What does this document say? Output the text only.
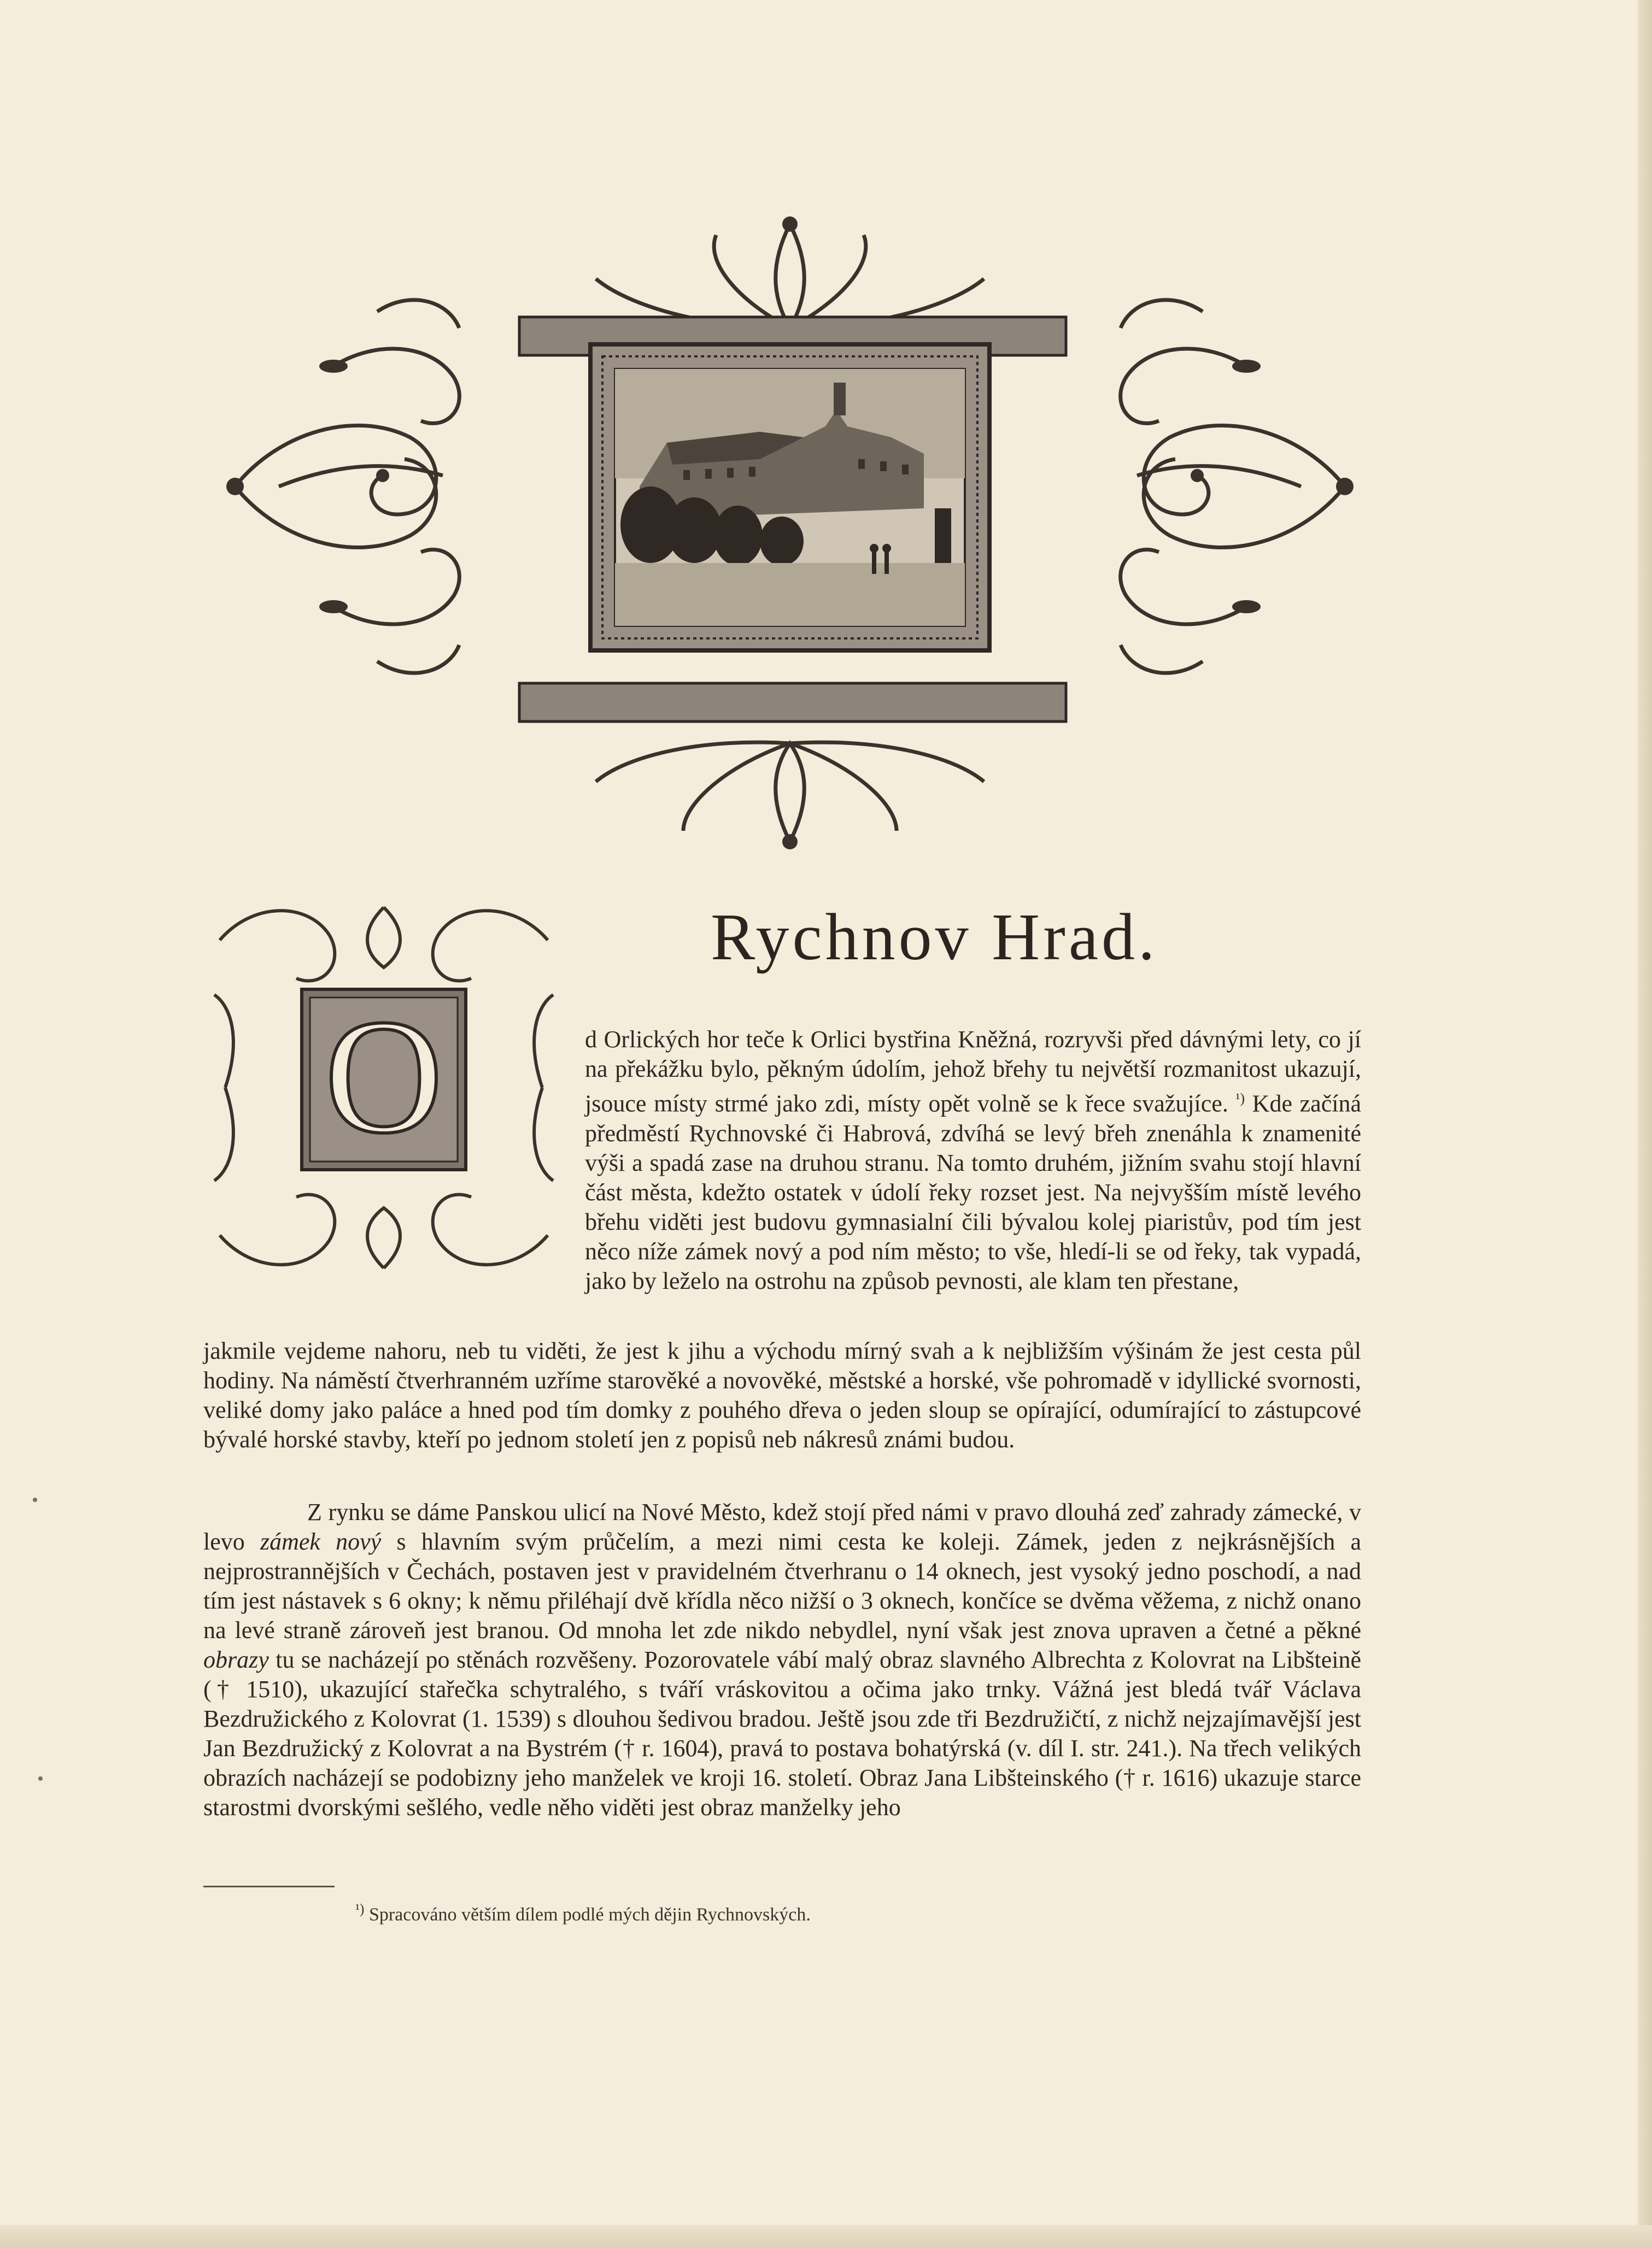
O
Rychnov Hrad.
d Orlických hor teče k Orlici bystřina Kněžná, rozryvši před dávnými lety, co jí na překážku bylo, pěkným údolím, jehož břehy tu největší rozmanitost ukazují, jsouce místy strmé jako zdi, místy opět volně se k řece svažujíce. $^{^1)}$ Kde začíná předměstí Rychnovské či Habrová, zdvíhá se levý břeh znenáhla k znamenité výši a spadá zase na druhou stranu. Na tomto druhém, jižním svahu stojí hlavní část města, kdežto ostatek v údolí řeky rozset jest. Na nejvyšším místě levého břehu viděti jest budovu gymnasialní čili bývalou kolej piaristův, pod tím jest něco níže zámek nový a pod ním město; to vše, hledí-li se od řeky, tak vypadá, jako by leželo na ostrohu na způsob pevnosti, ale klam ten přestane,
jakmile vejdeme nahoru, neb tu viděti, že jest k jihu a východu mírný svah a k nejbližším výšinám že jest cesta půl hodiny. Na náměstí čtverhranném uzříme starověké a novověké, městské a horské, vše pohromadě v idyllické svornosti, veliké domy jako paláce a hned pod tím domky z pouhého dřeva o jeden sloup se opírající, odumírající to zástupcové bývalé horské stavby, kteří po jednom století jen z popisů neb nákresů známi budou.
Z rynku se dáme Panskou ulicí na Nové Město, kdež stojí před námi v pravo dlouhá zeď zahrady zámecké, v levo zámek nový s hlavním svým průčelím, a mezi nimi cesta ke koleji. Zámek, jeden z nejkrásnějších a nejprostrannějších v Čechách, postaven jest v pravidelném čtverhranu o 14 oknech, jest vysoký jedno poschodí, a nad tím jest nástavek s 6 okny; k němu přiléhají dvě křídla něco nižší o 3 oknech, končíce se dvěma věžema, z nichž onano na levé straně zároveň jest branou. Od mnoha let zde nikdo nebydlel, nyní však jest znova upraven a četné a pěkné obrazy tu se nacházejí po stěnách rozvěšeny. Pozorovatele vábí malý obraz slavného Albrechta z Kolovrat na Libšteině († 1510), ukazující stařečka schytralého, s tváří vráskovitou a očima jako trnky. Vážná jest bledá tvář Václava Bezdružického z Kolovrat (1. 1539) s dlouhou šedivou bradou. Ještě jsou zde tři Bezdružičtí, z nichž nejzajímavější jest Jan Bezdružický z Kolovrat a na Bystrém († r. 1604), pravá to postava bohatýrská (v. díl I. str. 241.). Na třech velikých obrazích nacházejí se podobizny jeho manželek ve kroji 16. století. Obraz Jana Libšteinského († r. 1616) ukazuje starce starostmi dvorskými sešlého, vedle něho viděti jest obraz manželky jeho
$^{^1)}$ Spracováno větším dílem podlé mých dějin Rychnovských.
